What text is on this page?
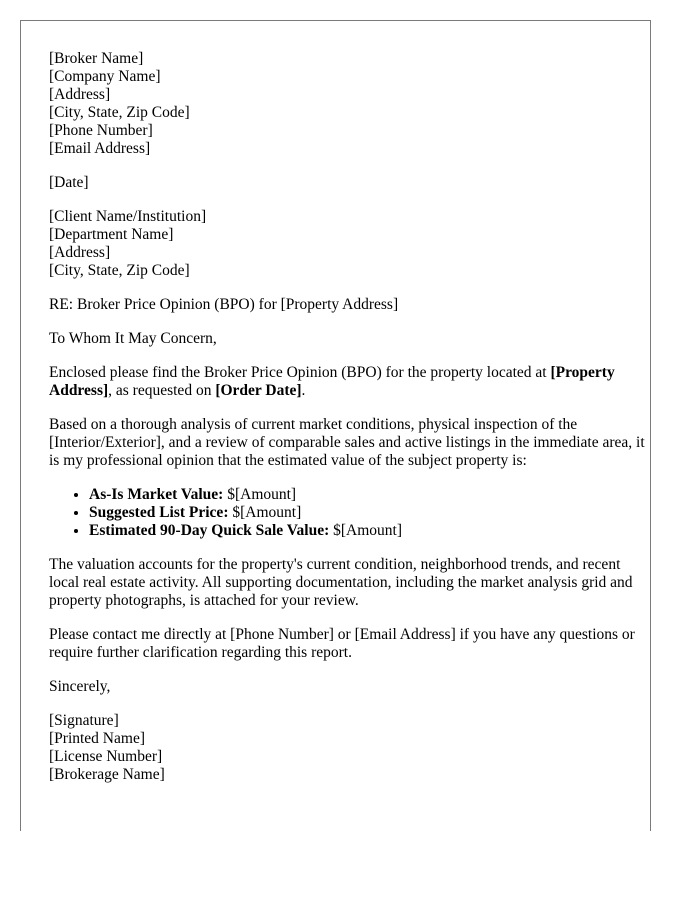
[Broker Name]
[Company Name]
[Address]
[City, State, Zip Code]
[Phone Number]
[Email Address]
[Date]
[Client Name/Institution]
[Department Name]
[Address]
[City, State, Zip Code]

RE: Broker Price Opinion (BPO) for [Property Address]

To Whom It May Concern,

Enclosed please find the Broker Price Opinion (BPO) for the property located at [Property Address], as requested on [Order Date].

Based on a thorough analysis of current market conditions, physical inspection of the [Interior/Exterior], and a review of comparable sales and active listings in the immediate area, it is my professional opinion that the estimated value of the subject property is:

• As-Is Market Value: $[Amount]
• Suggested List Price: $[Amount]
• Estimated 90-Day Quick Sale Value: $[Amount]

The valuation accounts for the property's current condition, neighborhood trends, and recent local real estate activity. All supporting documentation, including the market analysis grid and property photographs, is attached for your review.

Please contact me directly at [Phone Number] or [Email Address] if you have any questions or require further clarification regarding this report.

Sincerely,

[Signature]
[Printed Name]
[License Number]
[Brokerage Name]
